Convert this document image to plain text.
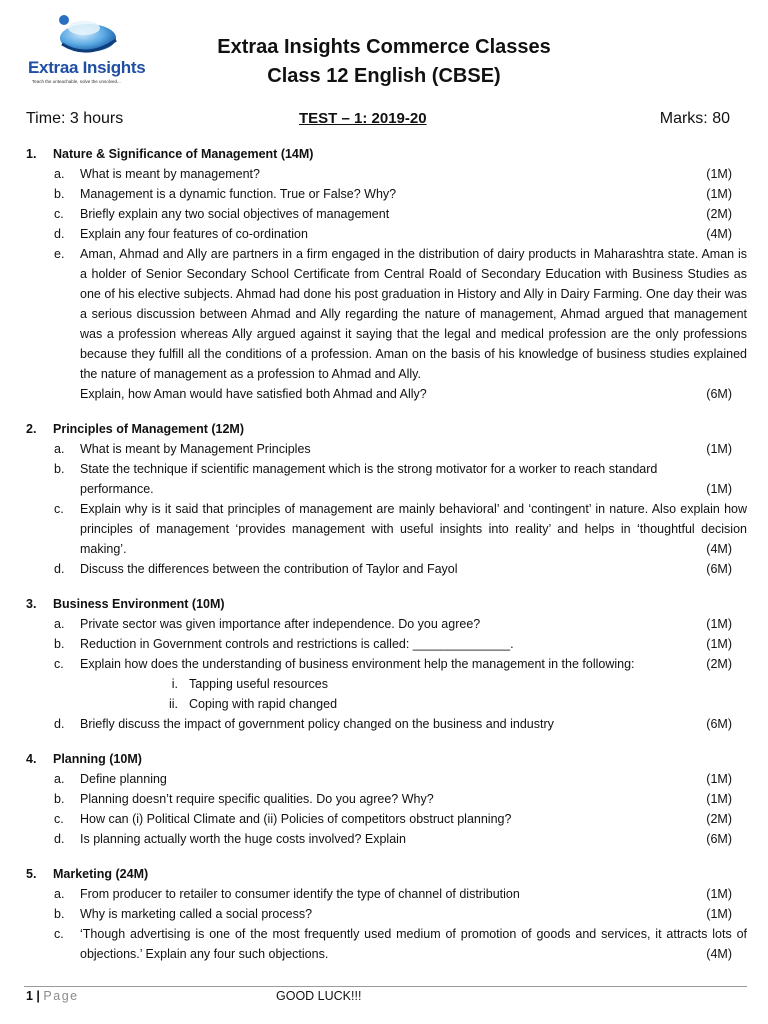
Extraa Insights
Teach the unteachable, solve the unsolved...
Extraa Insights Commerce Classes
Class 12 English (CBSE)
Time: 3 hours	TEST – 1: 2019-20	Marks: 80
1. Nature & Significance of Management (14M)
a. What is meant by management?	(1M)
b. Management is a dynamic function. True or False? Why?	(1M)
c. Briefly explain any two social objectives of management	(2M)
d. Explain any four features of co-ordination	(4M)
e. Aman, Ahmad and Ally are partners in a firm engaged in the distribution of dairy products in Maharashtra state. Aman is a holder of Senior Secondary School Certificate from Central Roald of Secondary Education with Business Studies as one of his elective subjects. Ahmad had done his post graduation in History and Ally in Dairy Farming. One day their was a serious discussion between Ahmad and Ally regarding the nature of management, Ahmad argued that management was a profession whereas Ally argued against it saying that the legal and medical profession are the only professions because they fulfill all the conditions of a profession. Aman on the basis of his knowledge of business studies explained the nature of management as a profession to Ahmad and Ally.
Explain, how Aman would have satisfied both Ahmad and Ally?	(6M)
2. Principles of Management (12M)
a. What is meant by Management Principles	(1M)
b. State the technique if scientific management which is the strong motivator for a worker to reach standard performance.	(1M)
c. Explain why is it said that principles of management are mainly behavioral’ and ‘contingent’ in nature. Also explain how principles of management ‘provides management with useful insights into reality’ and helps in ‘thoughtful decision making’.	(4M)
d. Discuss the differences between the contribution of Taylor and Fayol	(6M)
3. Business Environment (10M)
a. Private sector was given importance after independence. Do you agree?	(1M)
b. Reduction in Government controls and restrictions is called: ______________.	(1M)
c. Explain how does the understanding of business environment help the management in the following:	(2M)
i. Tapping useful resources
ii. Coping with rapid changed
d. Briefly discuss the impact of government policy changed on the business and industry	(6M)
4. Planning (10M)
a. Define planning	(1M)
b. Planning doesn’t require specific qualities. Do you agree? Why?	(1M)
c. How can (i) Political Climate and (ii) Policies of competitors obstruct planning?	(2M)
d. Is planning actually worth the huge costs involved? Explain	(6M)
5. Marketing (24M)
a. From producer to retailer to consumer identify the type of channel of distribution	(1M)
b. Why is marketing called a social process?	(1M)
c. ‘Though advertising is one of the most frequently used medium of promotion of goods and services, it attracts lots of objections.’ Explain any four such objections.	(4M)
1 | Page	GOOD LUCK!!!
